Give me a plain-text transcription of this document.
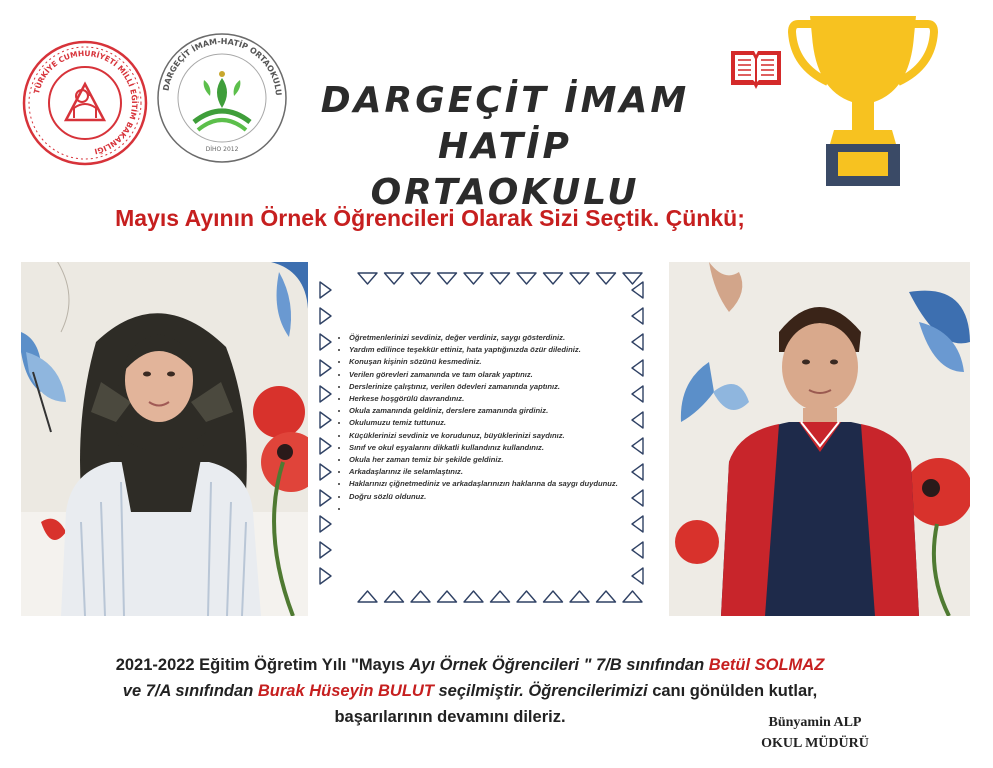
TÜRKİYE CUMHURİYETİ MİLLİ EĞİTİM BAKANLIĞI
DARGEÇİT İMAM-HATİP ORTAOKULU
DİHO 2012
DARGEÇİT İMAM
HATİP ORTAOKULU
Mayıs Ayının Örnek Öğrencileri Olarak Sizi Seçtik. Çünkü;
• Öğretmenlerinizi sevdiniz, değer verdiniz, saygı gösterdiniz.
• Yardım edilince teşekkür ettiniz, hata yaptığınızda özür dilediniz.
• Konuşan kişinin sözünü kesmediniz.
• Verilen görevleri zamanında ve tam olarak yaptınız.
• Derslerinize çalıştınız, verilen ödevleri zamanında yaptınız.
• Herkese hoşgörülü davrandınız.
• Okula zamanında geldiniz, derslere zamanında girdiniz.
• Okulumuzu temiz tuttunuz.
• Küçüklerinizi sevdiniz ve korudunuz, büyüklerinizi saydınız.
• Sınıf ve okul eşyalarını dikkatli kullandınız kullandınız.
• Okula her zaman temiz bir şekilde geldiniz.
• Arkadaşlarınız ile selamlaştınız.
• Haklarınızı çiğnetmediniz ve arkadaşlarınızın haklarına da saygı duydunuz.
• Doğru sözlü oldunuz.
•
2021-2022 Eğitim Öğretim Yılı "Mayıs Ayı Örnek Öğrencileri " 7/B sınıfından Betül SOLMAZ
ve 7/A sınıfından Burak Hüseyin BULUT seçilmiştir. Öğrencilerimizi canı gönülden kutlar,
başarılarının devamını dileriz.	Bünyamin ALP
OKUL MÜDÜRÜ
